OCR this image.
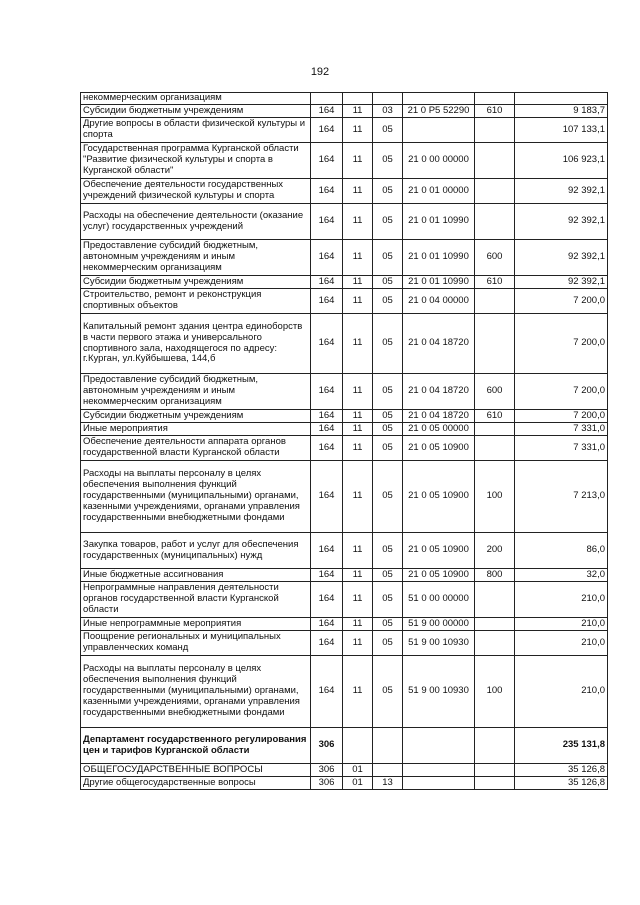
192
некоммерческим организациям						
Субсидии бюджетным учреждениям	164	11	03	21 0 Р5 52290	610	9 183,7
Другие вопросы в области физической культуры и спорта	164	11	05			107 133,1
Государственная программа Курганской области "Развитие физической культуры и спорта в Курганской области"	164	11	05	21 0 00 00000		106 923,1
Обеспечение деятельности государственных учреждений физической культуры и спорта	164	11	05	21 0 01 00000		92 392,1
Расходы на обеспечение деятельности (оказание услуг) государственных учреждений	164	11	05	21 0 01 10990		92 392,1
Предоставление субсидий бюджетным, автономным учреждениям и иным некоммерческим организациям	164	11	05	21 0 01 10990	600	92 392,1
Субсидии бюджетным учреждениям	164	11	05	21 0 01 10990	610	92 392,1
Строительство, ремонт и реконструкция спортивных объектов	164	11	05	21 0 04 00000		7 200,0
Капитальный ремонт здания центра единоборств в части первого этажа и универсального спортивного зала, находящегося по адресу: г.Курган, ул.Куйбышева, 144,б	164	11	05	21 0 04 18720		7 200,0
Предоставление субсидий бюджетным, автономным учреждениям и иным некоммерческим организациям	164	11	05	21 0 04 18720	600	7 200,0
Субсидии бюджетным учреждениям	164	11	05	21 0 04 18720	610	7 200,0
Иные мероприятия	164	11	05	21 0 05 00000		7 331,0
Обеспечение деятельности аппарата органов государственной власти Курганской области	164	11	05	21 0 05 10900		7 331,0
Расходы на выплаты персоналу в целях обеспечения выполнения функций государственными (муниципальными) органами, казенными учреждениями, органами управления государственными внебюджетными фондами	164	11	05	21 0 05 10900	100	7 213,0
Закупка товаров, работ и услуг для обеспечения государственных (муниципальных) нужд	164	11	05	21 0 05 10900	200	86,0
Иные бюджетные ассигнования	164	11	05	21 0 05 10900	800	32,0
Непрограммные направления деятельности органов государственной власти Курганской области	164	11	05	51 0 00 00000		210,0
Иные непрограммные мероприятия	164	11	05	51 9 00 00000		210,0
Поощрение региональных и муниципальных управленческих команд	164	11	05	51 9 00 10930		210,0
Расходы на выплаты персоналу в целях обеспечения выполнения функций государственными (муниципальными) органами, казенными учреждениями, органами управления государственными внебюджетными фондами	164	11	05	51 9 00 10930	100	210,0
Департамент государственного регулирования цен и тарифов Курганской области	306					235 131,8
ОБЩЕГОСУДАРСТВЕННЫЕ ВОПРОСЫ	306	01				35 126,8
Другие общегосударственные вопросы	306	01	13			35 126,8
